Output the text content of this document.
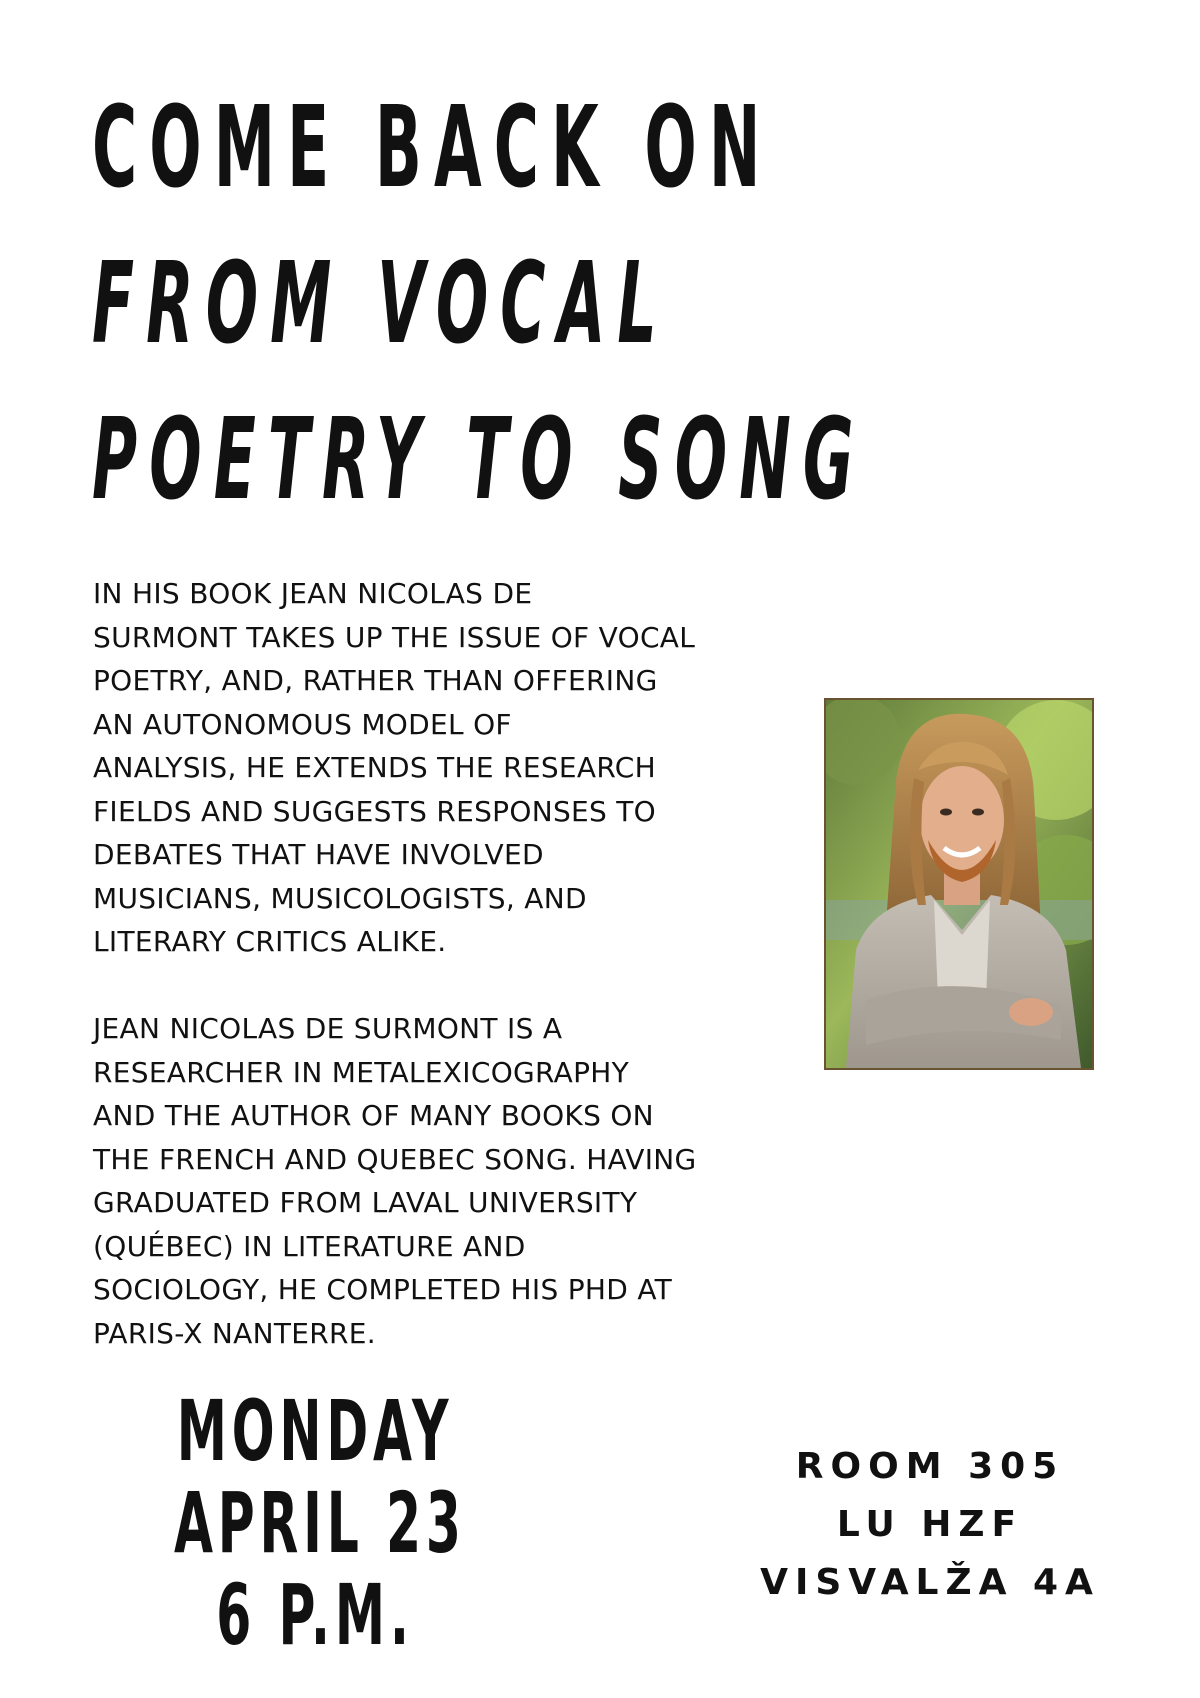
COME BACK ON
FROM VOCAL
POETRY TO SONG

IN HIS BOOK JEAN NICOLAS DE
SURMONT TAKES UP THE ISSUE OF VOCAL
POETRY, AND, RATHER THAN OFFERING
AN AUTONOMOUS MODEL OF
ANALYSIS, HE EXTENDS THE RESEARCH
FIELDS AND SUGGESTS RESPONSES TO
DEBATES THAT HAVE INVOLVED
MUSICIANS, MUSICOLOGISTS, AND
LITERARY CRITICS ALIKE.

JEAN NICOLAS DE SURMONT IS A
RESEARCHER IN METALEXICOGRAPHY
AND THE AUTHOR OF MANY BOOKS ON
THE FRENCH AND QUEBEC SONG. HAVING
GRADUATED FROM LAVAL UNIVERSITY
(QUÉBEC) IN LITERATURE AND
SOCIOLOGY, HE COMPLETED HIS PHD AT
PARIS-X NANTERRE.

MONDAY
APRIL 23
6 P.M.
ROOM 305
LU HZF
VISVALŽA 4A
